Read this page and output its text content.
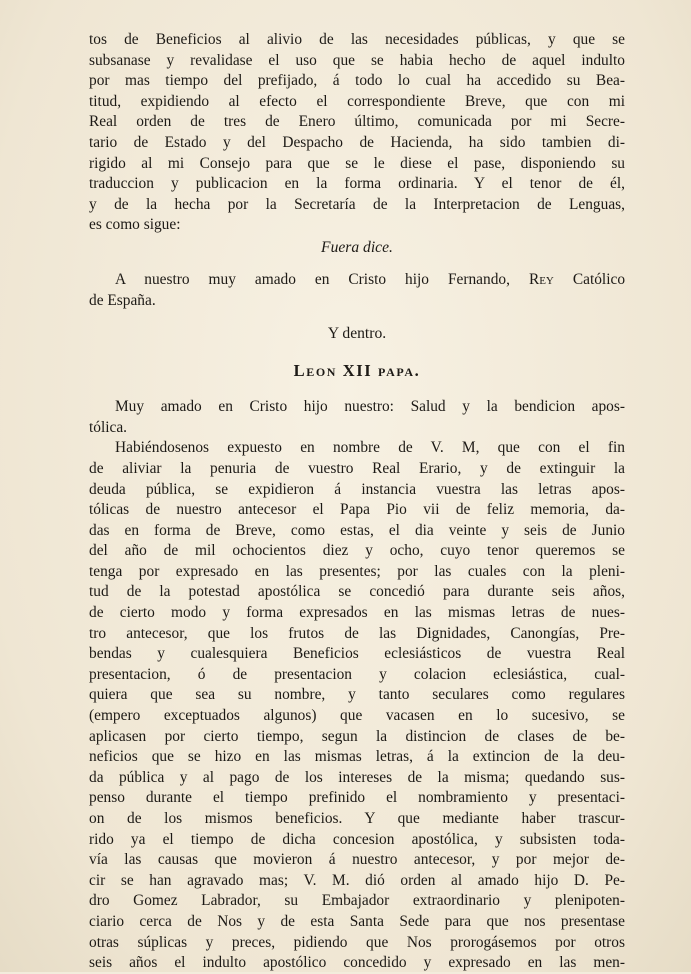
tos de Beneficios al alivio de las necesidades públicas, y que se
subsanase y revalidase el uso que se habia hecho de aquel indulto
por mas tiempo del prefijado, á todo lo cual ha accedido su Bea-
titud, expidiendo al efecto el correspondiente Breve, que con mi
Real orden de tres de Enero último, comunicada por mi Secre-
tario de Estado y del Despacho de Hacienda, ha sido tambien di-
rigido al mi Consejo para que se le diese el pase, disponiendo su
traduccion y publicacion en la forma ordinaria. Y el tenor de él,
y de la hecha por la Secretaría de la Interpretacion de Lenguas,
es como sigue:
Fuera dice.
A nuestro muy amado en Cristo hijo Fernando, Rey Católico
de España.
Y dentro.
Leon XII papa.
Muy amado en Cristo hijo nuestro: Salud y la bendicion apos-
tólica.
Habiéndosenos expuesto en nombre de V. M, que con el fin
de aliviar la penuria de vuestro Real Erario, y de extinguir la
deuda pública, se expidieron á instancia vuestra las letras apos-
tólicas de nuestro antecesor el Papa Pio vii de feliz memoria, da-
das en forma de Breve, como estas, el dia veinte y seis de Junio
del año de mil ochocientos diez y ocho, cuyo tenor queremos se
tenga por expresado en las presentes; por las cuales con la pleni-
tud de la potestad apostólica se concedió para durante seis años,
de cierto modo y forma expresados en las mismas letras de nues-
tro antecesor, que los frutos de las Dignidades, Canongías, Pre-
bendas y cualesquiera Beneficios eclesiásticos de vuestra Real
presentacion, ó de presentacion y colacion eclesiástica, cual-
quiera que sea su nombre, y tanto seculares como regulares
(empero exceptuados algunos) que vacasen en lo sucesivo, se
aplicasen por cierto tiempo, segun la distincion de clases de be-
neficios que se hizo en las mismas letras, á la extincion de la deu-
da pública y al pago de los intereses de la misma; quedando sus-
penso durante el tiempo prefinido el nombramiento y presentaci-
on de los mismos beneficios. Y que mediante haber trascur-
rido ya el tiempo de dicha concesion apostólica, y subsisten toda-
vía las causas que movieron á nuestro antecesor, y por mejor de-
cir se han agravado mas; V. M. dió orden al amado hijo D. Pe-
dro Gomez Labrador, su Embajador extraordinario y plenipoten-
ciario cerca de Nos y de esta Santa Sede para que nos presentase
otras súplicas y preces, pidiendo que Nos prorogásemos por otros
seis años el indulto apostólico concedido y expresado en las men-
